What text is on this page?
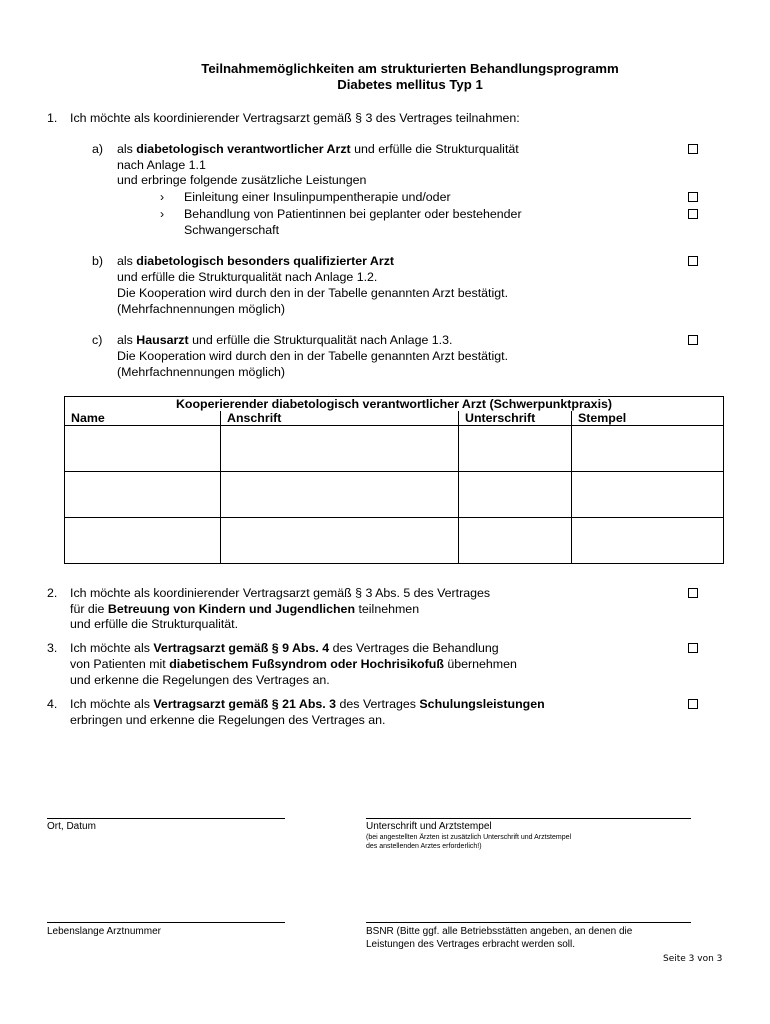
Teilnahmemöglichkeiten am strukturierten Behandlungsprogramm
Diabetes mellitus Typ 1
1. Ich möchte als koordinierender Vertragsarzt gemäß § 3 des Vertrages teilnahmen:
a) als diabetologisch verantwortlicher Arzt und erfülle die Strukturqualität
nach Anlage 1.1
und erbringe folgende zusätzliche Leistungen
› Einleitung einer Insulinpumpentherapie und/oder
› Behandlung von Patientinnen bei geplanter oder bestehender
Schwangerschaft
b) als diabetologisch besonders qualifizierter Arzt
und erfülle die Strukturqualität nach Anlage 1.2.
Die Kooperation wird durch den in der Tabelle genannten Arzt bestätigt.
(Mehrfachnennungen möglich)
c) als Hausarzt und erfülle die Strukturqualität nach Anlage 1.3.
Die Kooperation wird durch den in der Tabelle genannten Arzt bestätigt.
(Mehrfachnennungen möglich)
Kooperierender diabetologisch verantwortlicher Arzt (Schwerpunktpraxis)			
Name	Anschrift	Unterschrift	Stempel

2. Ich möchte als koordinierender Vertragsarzt gemäß § 3 Abs. 5 des Vertrages
für die Betreuung von Kindern und Jugendlichen teilnehmen
und erfülle die Strukturqualität.
3. Ich möchte als Vertragsarzt gemäß § 9 Abs. 4 des Vertrages die Behandlung
von Patienten mit diabetischem Fußsyndrom oder Hochrisikofuß übernehmen
und erkenne die Regelungen des Vertrages an.
4. Ich möchte als Vertragsarzt gemäß § 21 Abs. 3 des Vertrages Schulungsleistungen
erbringen und erkenne die Regelungen des Vertrages an.
Ort, Datum	Unterschrift und Arztstempel
(bei angestellten Ärzten ist zusätzlich Unterschrift und Arztstempel
des anstellenden Arztes erforderlich!)
Lebenslange Arztnummer	BSNR (Bitte ggf. alle Betriebsstätten angeben, an denen die
Leistungen des Vertrages erbracht werden soll.
Seite 3 von 3
